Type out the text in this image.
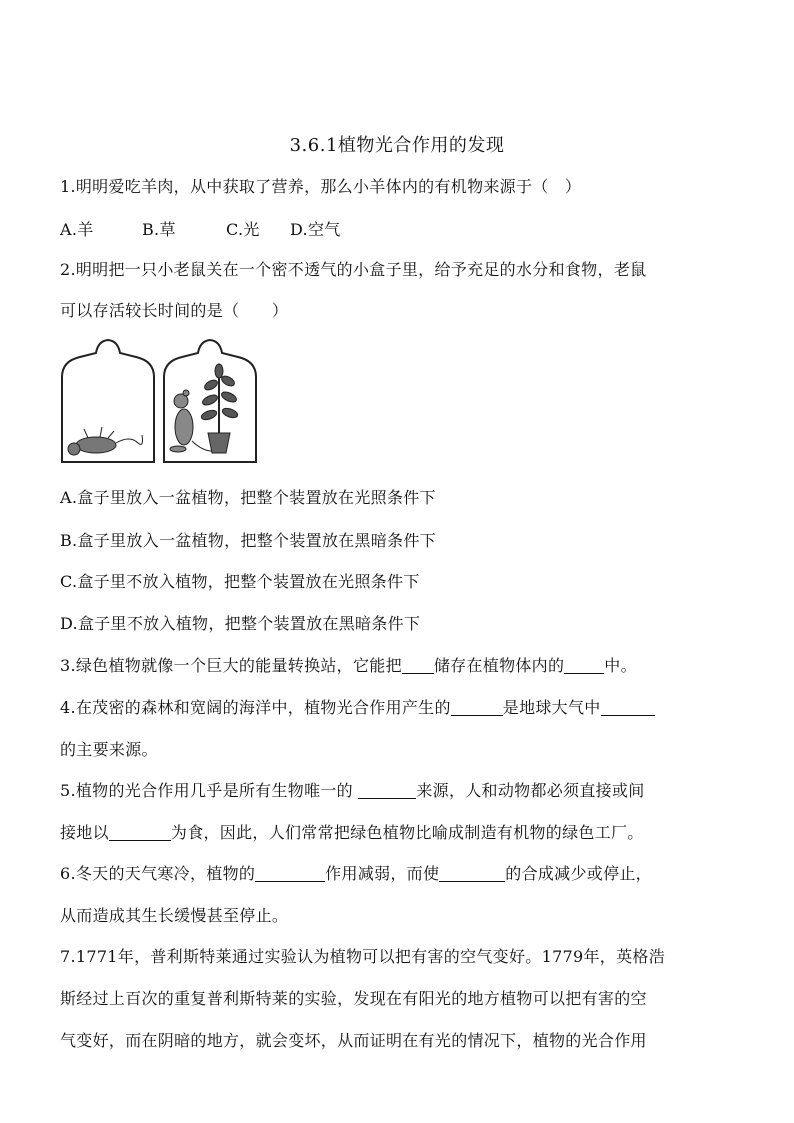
3.6.1植物光合作用的发现
1.明明爱吃羊肉，从中获取了营养，那么小羊体内的有机物来源于（　）
A.羊	B.草	C.光 D.空气
2.明明把一只小老鼠关在一个密不透气的小盒子里，给予充足的水分和食物，老鼠
可以存活较长时间的是（　　）
A.盒子里放入一盆植物，把整个装置放在光照条件下
B.盒子里放入一盆植物，把整个装置放在黑暗条件下
C.盒子里不放入植物，把整个装置放在光照条件下
D.盒子里不放入植物，把整个装置放在黑暗条件下
3.绿色植物就像一个巨大的能量转换站，它能把 储存在植物体内的	中。
4.在茂密的森林和宽阔的海洋中，植物光合作用产生的	是地球大气中
的主要来源。
5.植物的光合作用几乎是所有生物唯一的	来源，人和动物都必须直接或间
接地以	为食，因此，人们常常把绿色植物比喻成制造有机物的绿色工厂。
6.冬天的天气寒冷，植物的	作用减弱，而使	的合成减少或停止，
从而造成其生长缓慢甚至停止。
7.1771年，普利斯特莱通过实验认为植物可以把有害的空气变好。1779年，英格浩
斯经过上百次的重复普利斯特莱的实验，发现在有阳光的地方植物可以把有害的空
气变好，而在阴暗的地方，就会变坏，从而证明在有光的情况下，植物的光合作用
